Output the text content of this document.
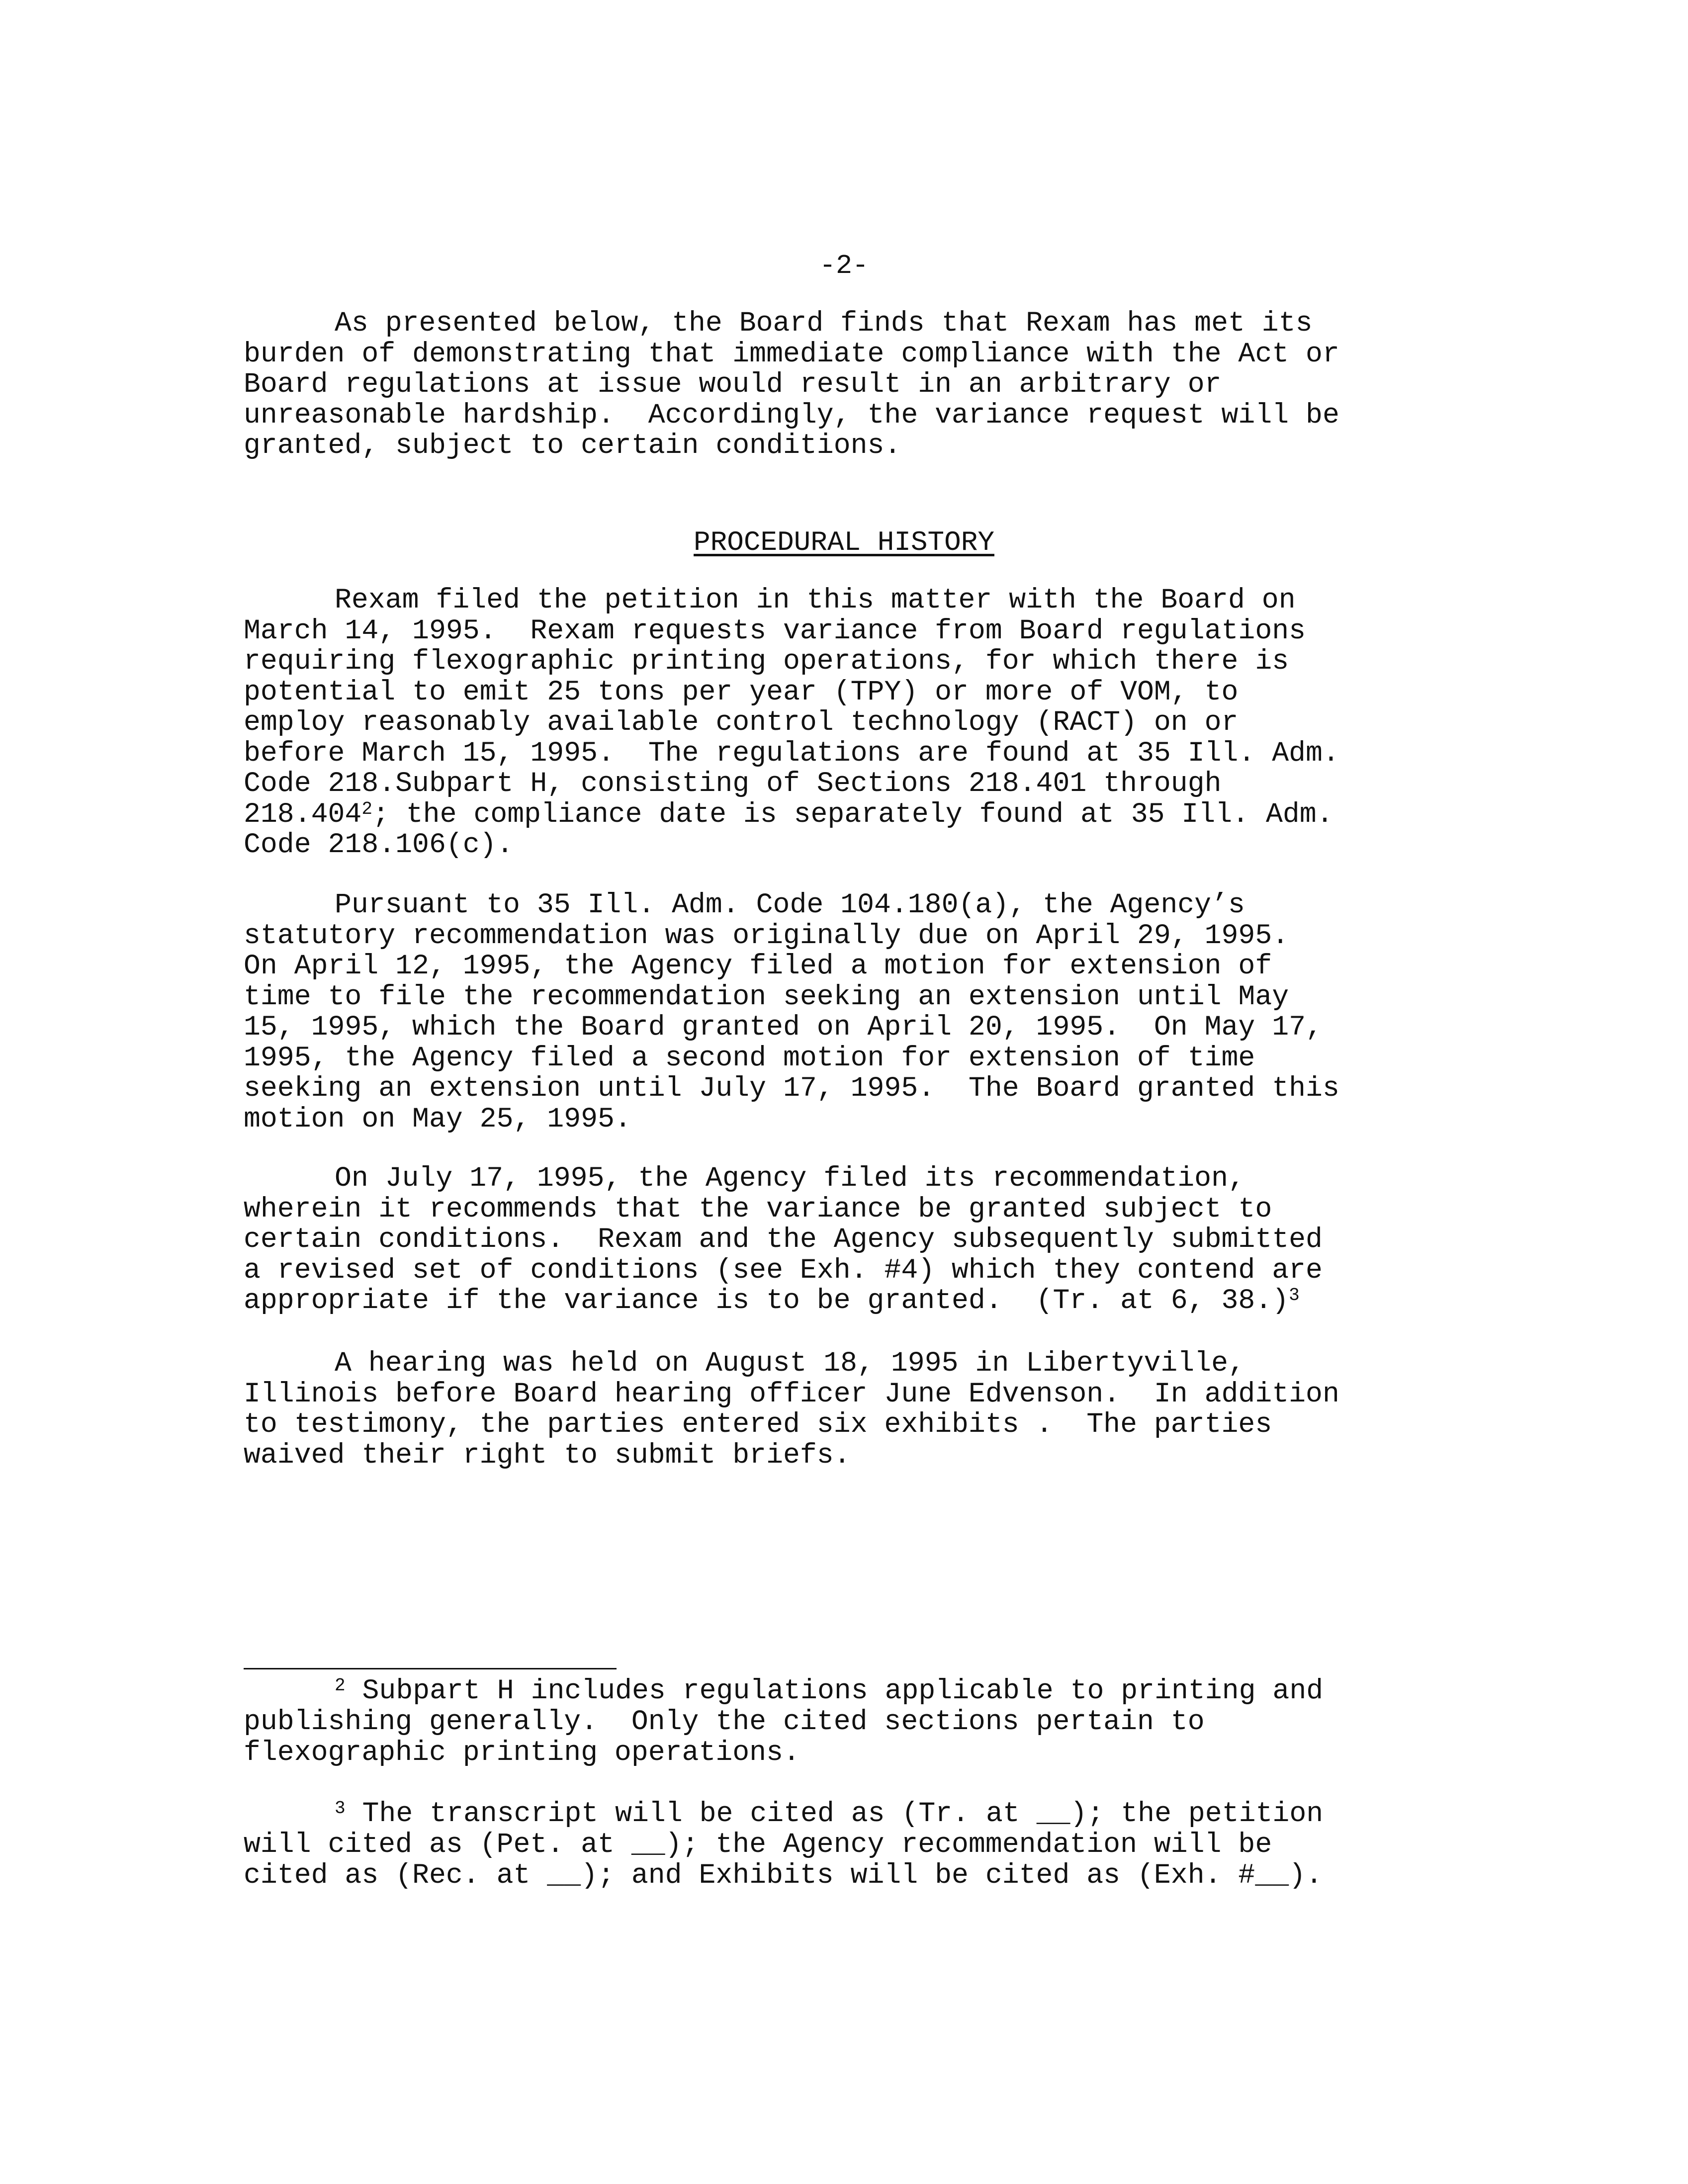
-2-
As presented below, the Board finds that Rexam has met its
burden of demonstrating that immediate compliance with the Act or
Board regulations at issue would result in an arbitrary or
unreasonable hardship.  Accordingly, the variance request will be
granted, subject to certain conditions.
PROCEDURAL HISTORY
Rexam filed the petition in this matter with the Board on
March 14, 1995.  Rexam requests variance from Board regulations
requiring flexographic printing operations, for which there is
potential to emit 25 tons per year (TPY) or more of VOM, to
employ reasonably available control technology (RACT) on or
before March 15, 1995.  The regulations are found at 35 Ill. Adm.
Code 218.Subpart H, consisting of Sections 218.401 through
218.404$^2$; the compliance date is separately found at 35 Ill. Adm.
Code 218.106(c).
Pursuant to 35 Ill. Adm. Code 104.180(a), the Agency’s
statutory recommendation was originally due on April 29, 1995.
On April 12, 1995, the Agency filed a motion for extension of
time to file the recommendation seeking an extension until May
15, 1995, which the Board granted on April 20, 1995.  On May 17,
1995, the Agency filed a second motion for extension of time
seeking an extension until July 17, 1995.  The Board granted this
motion on May 25, 1995.
On July 17, 1995, the Agency filed its recommendation,
wherein it recommends that the variance be granted subject to
certain conditions.  Rexam and the Agency subsequently submitted
a revised set of conditions (see Exh. #4) which they contend are
appropriate if the variance is to be granted.  (Tr. at 6, 38.)$^3$
A hearing was held on August 18, 1995 in Libertyville,
Illinois before Board hearing officer June Edvenson.  In addition
to testimony, the parties entered six exhibits .  The parties
waived their right to submit briefs.
$^2$ Subpart H includes regulations applicable to printing and
publishing generally.  Only the cited sections pertain to
flexographic printing operations.
$^3$ The transcript will be cited as (Tr. at __); the petition
will cited as (Pet. at __); the Agency recommendation will be
cited as (Rec. at __); and Exhibits will be cited as (Exh. #__).
